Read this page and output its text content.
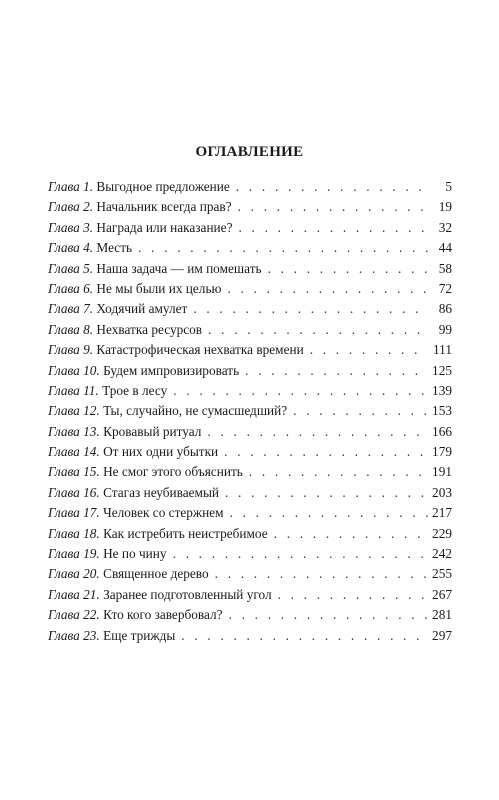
ОГЛАВЛЕНИЕ
Глава 1. Выгодное предложение . . .	5
Глава 2. Начальник всегда прав? . . .	19
Глава 3. Награда или наказание? . . .	32
Глава 4. Месть . . .	44
Глава 5. Наша задача — им помешать . . .	58
Глава 6. Не мы были их целью . . .	72
Глава 7. Ходячий амулет . . .	86
Глава 8. Нехватка ресурсов . . .	99
Глава 9. Катастрофическая нехватка времени . . .	111
Глава 10. Будем импровизировать . . .	125
Глава 11. Трое в лесу . . .	139
Глава 12. Ты, случайно, не сумасшедший? . . .	153
Глава 13. Кровавый ритуал . . .	166
Глава 14. От них одни убытки . . .	179
Глава 15. Не смог этого объяснить . . .	191
Глава 16. Стагаз неубиваемый . . .	203
Глава 17. Человек со стержнем . . .	217
Глава 18. Как истребить неистребимое . . .	229
Глава 19. Не по чину . . .	242
Глава 20. Священное дерево . . .	255
Глава 21. Заранее подготовленный угол . . .	267
Глава 22. Кто кого завербовал? . . .	281
Глава 23. Еще трижды . . .	297
